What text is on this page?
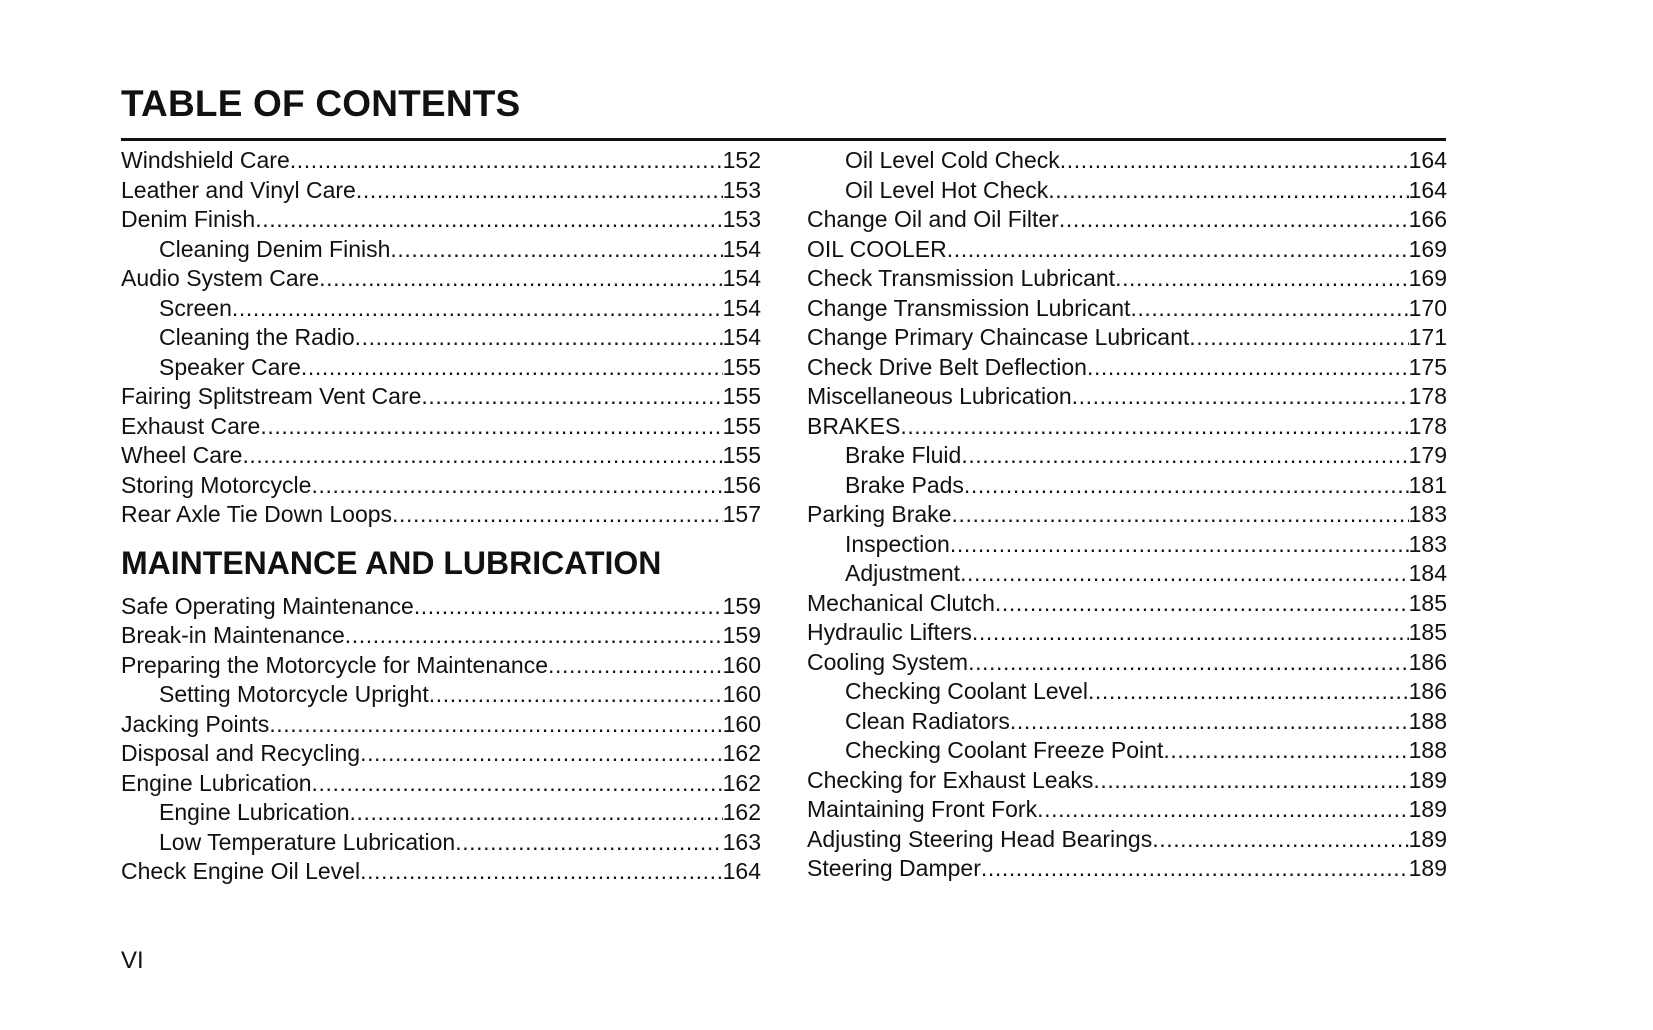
TABLE OF CONTENTS
Windshield Care .....	152
Leather and Vinyl Care .....	153
Denim Finish .....	153
Cleaning Denim Finish .....	154
Audio System Care .....	154
Screen .....	154
Cleaning the Radio .....	154
Speaker Care .....	155
Fairing Splitstream Vent Care .....	155
Exhaust Care .....	155
Wheel Care .....	155
Storing Motorcycle .....	156
Rear Axle Tie Down Loops .....	157
MAINTENANCE AND LUBRICATION
Safe Operating Maintenance .....	159
Break-in Maintenance .....	159
Preparing the Motorcycle for Maintenance .....	160
Setting Motorcycle Upright .....	160
Jacking Points .....	160
Disposal and Recycling .....	162
Engine Lubrication .....	162
Engine Lubrication .....	162
Low Temperature Lubrication .....	163
Check Engine Oil Level .....	164
Oil Level Cold Check .....	164
Oil Level Hot Check .....	164
Change Oil and Oil Filter .....	166
OIL COOLER .....	169
Check Transmission Lubricant .....	169
Change Transmission Lubricant .....	170
Change Primary Chaincase Lubricant .....	171
Check Drive Belt Deflection .....	175
Miscellaneous Lubrication .....	178
BRAKES .....	178
Brake Fluid .....	179
Brake Pads .....	181
Parking Brake .....	183
Inspection .....	183
Adjustment .....	184
Mechanical Clutch .....	185
Hydraulic Lifters .....	185
Cooling System .....	186
Checking Coolant Level .....	186
Clean Radiators .....	188
Checking Coolant Freeze Point .....	188
Checking for Exhaust Leaks .....	189
Maintaining Front Fork .....	189
Adjusting Steering Head Bearings .....	189
Steering Damper .....	189
VI
